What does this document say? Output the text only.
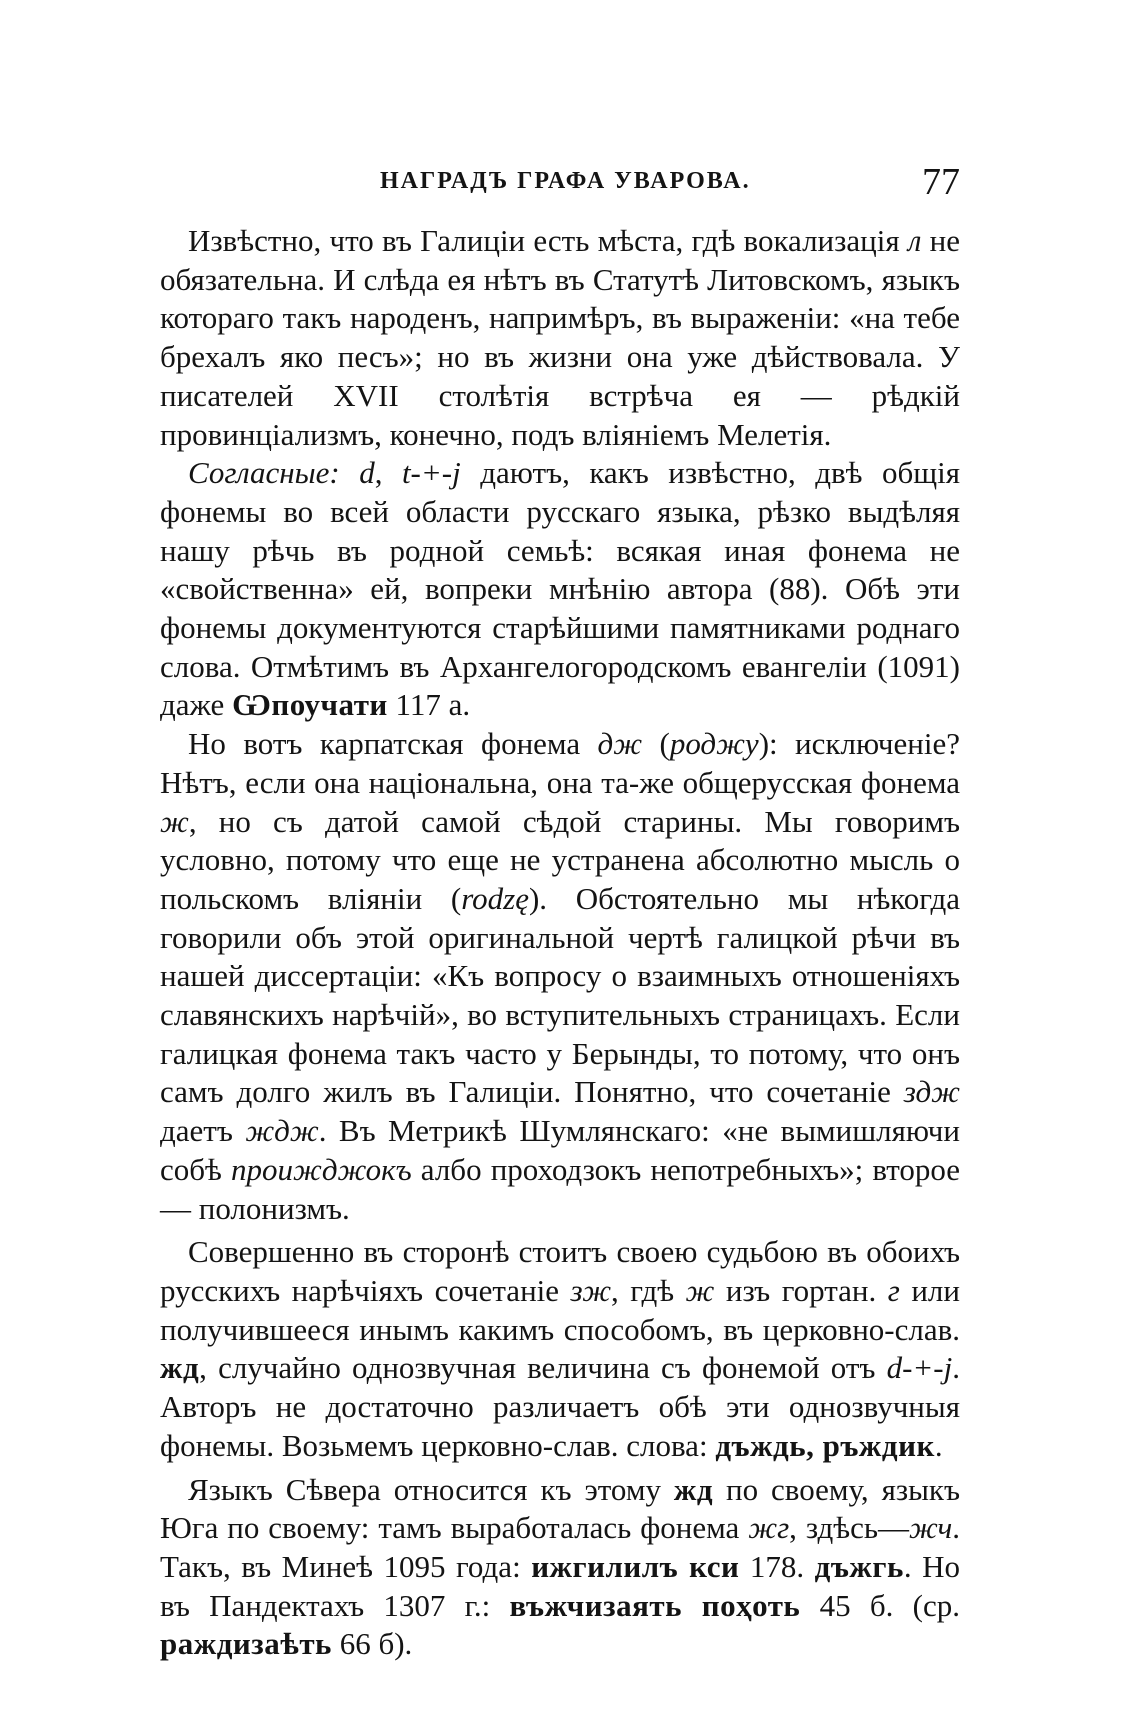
НАГРАДЪ ГРАФА УВАРОВА.	77

Извѣстно, что въ Галиціи есть мѣста, гдѣ вокализація л не обязательна. И слѣда ея нѣтъ въ Статутѣ Литовскомъ, языкъ котораго такъ народенъ, напримѣръ, въ выраженіи: «на тебе брехалъ яко песъ»; но въ жизни она уже дѣйствовала. У писателей XVII столѣтія встрѣча ея — рѣдкій провинціализмъ, конечно, подъ вліяніемъ Мелетія.

Согласные: d, t-+-j даютъ, какъ извѣстно, двѣ общія фонемы во всей области русскаго языка, рѣзко выдѣляя нашу рѣчь въ родной семьѣ: всякая иная фонема не «свойственна» ей, вопреки мнѣнію автора (88). Обѣ эти фонемы документуются старѣйшими памятниками роднаго слова. Отмѣтимъ въ Архангелогородскомъ евангеліи (1091) даже Ѡпоучати 117 а.

Но вотъ карпатская фонема дж (роджу): исключеніе? Нѣтъ, если она національна, она та-же общерусская фонема ж, но съ датой самой сѣдой старины. Мы говоримъ условно, потому что еще не устранена абсолютно мысль о польскомъ вліяніи (rodzę). Обстоятельно мы нѣкогда говорили объ этой оригинальной чертѣ галицкой рѣчи въ нашей диссертаціи: «Къ вопросу о взаимныхъ отношеніяхъ славянскихъ нарѣчій», во вступительныхъ страницахъ. Если галицкая фонема такъ часто у Берынды, то потому, что онъ самъ долго жилъ въ Галиціи. Понятно, что сочетаніе здж даетъ ждж. Въ Метрикѣ Шумлянскаго: «не вымишляючи собѣ проижджокъ албо проходзокъ непотребныхъ»; второе — полонизмъ.

Совершенно въ сторонѣ стоитъ своею судьбою въ обоихъ русскихъ нарѣчіяхъ сочетаніе зж, гдѣ ж изъ гортан. г или получившееся инымъ какимъ способомъ, въ церковно-слав. жд, случайно однозвучная величина съ фонемой отъ d-+-j. Авторъ не достаточно различаетъ обѣ эти однозвучныя фонемы. Возьмемъ церковно-слав. слова: дъждь, ръждик.

Языкъ Сѣвера относится къ этому жд по своему, языкъ Юга по своему: тамъ выработалась фонема жг, здѣсь—жч. Такъ, въ Минеѣ 1095 года: ижгилилъ кси 178. дъжгь. Но въ Пандектахъ 1307 г.: въжчизаять поҳоть 45 б. (ср. раждизаѣть 66 б).
